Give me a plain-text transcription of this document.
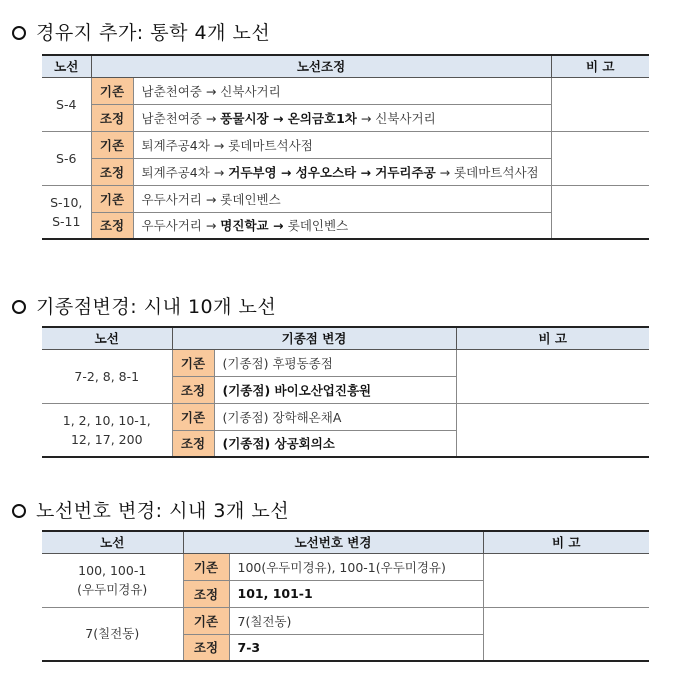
경유지 추가: 통학 4개 노선
노선	노선조정		비 고
S-4	기존	남춘천여중 → 신북사거리	
	조정	남춘천여중 → 풍물시장 → 온의금호1차 → 신북사거리	
S-6	기존	퇴계주공4차 → 롯데마트석사점	
	조정	퇴계주공4차 → 거두부영 → 성우오스타 → 거두리주공 → 롯데마트석사점	
S-10,
S-11	기존	우두사거리 → 롯데인벤스	
	조정	우두사거리 → 명진학교 → 롯데인벤스	
기종점변경: 시내 10개 노선
노선	기종점 변경		비 고
7-2, 8, 8-1	기존	(기종점) 후평동종점	
	조정	(기종점) 바이오산업진흥원	
1, 2, 10, 10-1,
12, 17, 200	기존	(기종점) 장학해온채A	
	조정	(기종점) 상공회의소	
노선번호 변경: 시내 3개 노선
노선	노선번호 변경		비 고
100, 100-1
(우두미경유)	기존	100(우두미경유), 100-1(우두미경유)	
	조정	101, 101-1	
7(칠전동)	기존	7(칠전동)	
	조정	7-3	
